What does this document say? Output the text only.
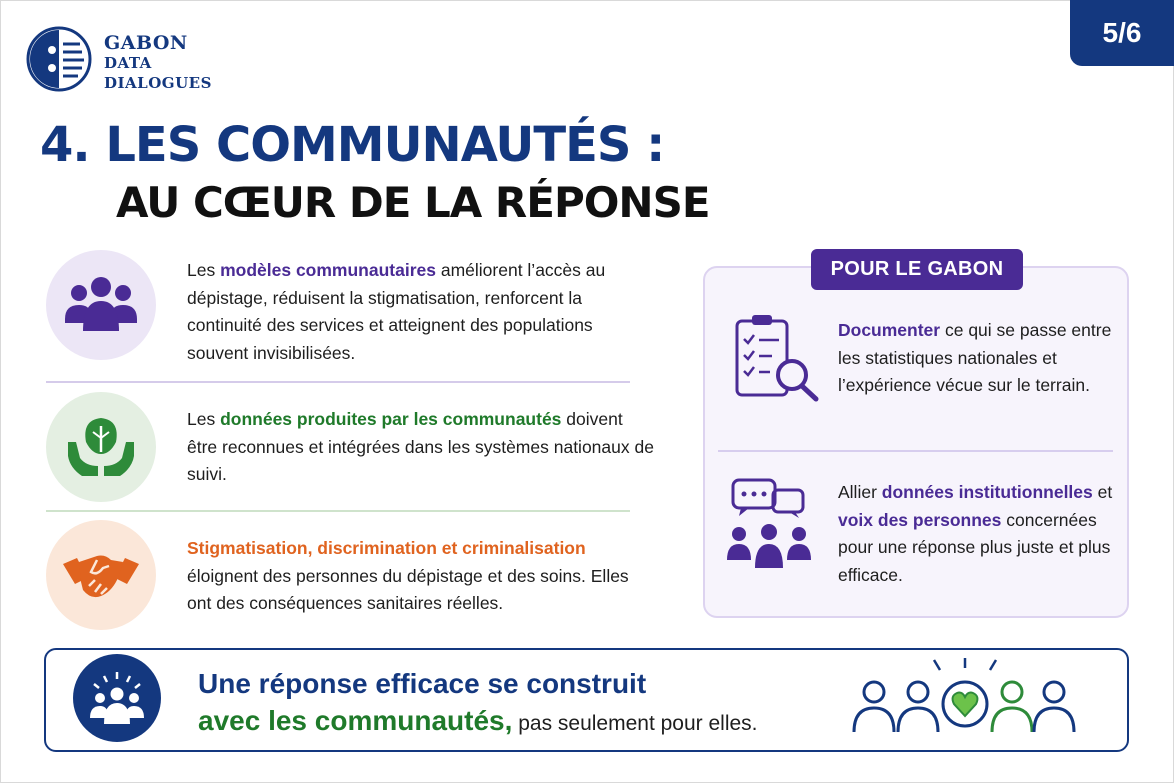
GABON
DATA
DIALOGUES
5/6
4. LES COMMUNAUTÉS :
AU CŒUR DE LA RÉPONSE
Les modèles communautaires améliorent l’accès au dépistage, réduisent la stigmatisation, renforcent la continuité des services et atteignent des populations souvent invisibilisées.
Les données produites par les communautés doivent être reconnues et intégrées dans les systèmes nationaux de suivi.
Stigmatisation, discrimination et criminalisation éloignent des personnes du dépistage et des soins. Elles ont des conséquences sanitaires réelles.
POUR LE GABON
Documenter ce qui se passe entre les statistiques nationales et l’expérience vécue sur le terrain.
Allier données institutionnelles et voix des personnes concernées pour une réponse plus juste et plus efficace.
Une réponse efficace se construit
avec les communautés, pas seulement pour elles.
